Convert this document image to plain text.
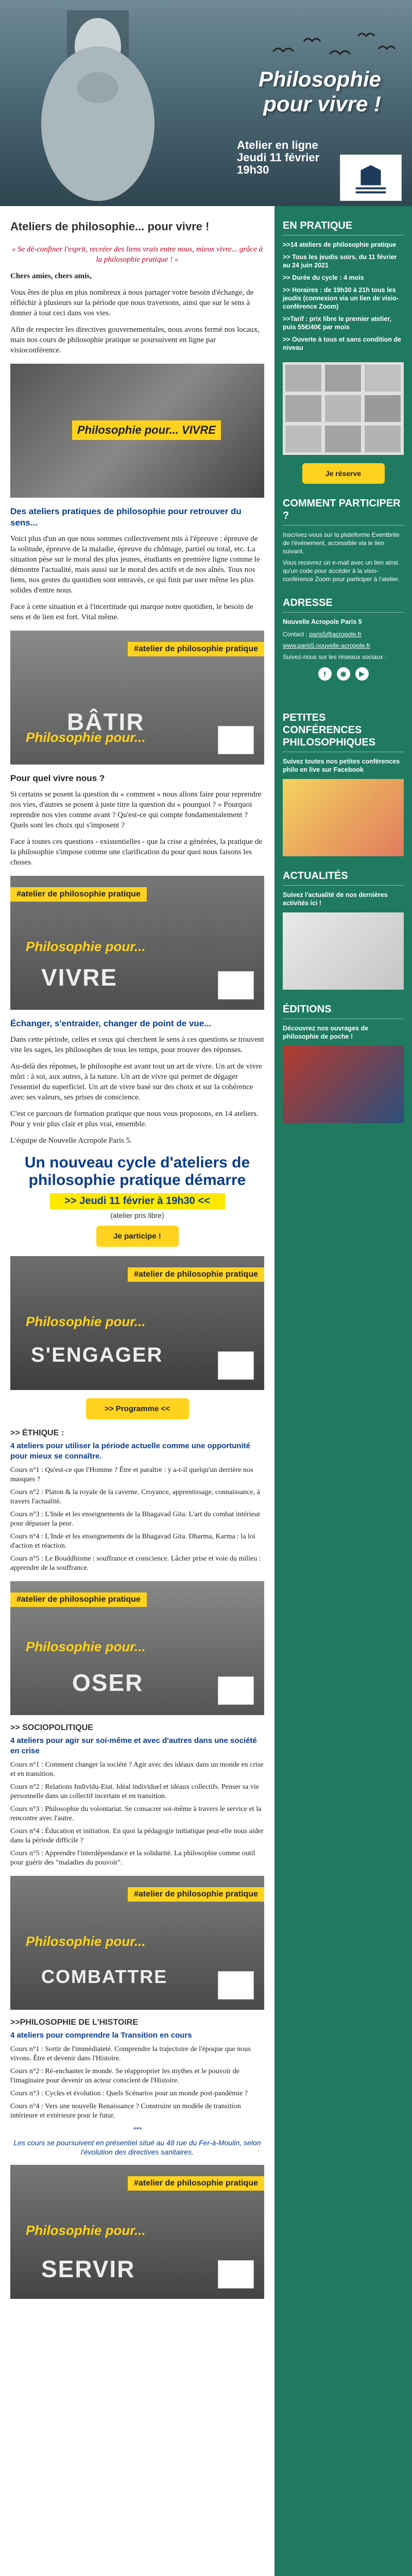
Philosophie pour vivre !
Atelier en ligne
Jeudi 11 février
19h30
Ateliers de philosophie... pour vivre !
« Se dé-confiner l'esprit, recréer des liens vrais entre nous, mieux vivre... grâce à la philosophie pratique ! »
Chers amies, chers amis,
Vous êtes de plus en plus nombreux à nous partager votre besoin d'échange, de réfléchir à plusieurs sur la période que nous traversons, ainsi que sur le sens à donner à tout ceci dans vos vies.
Afin de respecter les directives gouvernementales, nous avons fermé nos locaux, mais nos cours de philosophie pratique se poursuivent en ligne par visioconférence.
Philosophie pour... VIVRE
Des ateliers pratiques de philosophie pour retrouver du sens...
Voici plus d'un an que nous sommes collectivement mis à l'épreuve : épreuve de la solitude, épreuve de la maladie, épreuve du chômage, partiel ou total, etc. La situation pèse sur le moral des plus jeunes, étudiants en première ligne comme le démontre l'actualité, mais aussi sur le moral des actifs et de nos aînés. Tous nos liens, nos gestes du quotidien sont entravés, ce qui finit par user même les plus solides d'entre nous.
Face à cette situation et à l'incertitude qui marque notre quotidien, le besoin de sens et de lien est fort. Vital même.
#atelier de philosophie pratique
Philosophie pour...
BÂTIR
Pour quel vivre nous ?
Si certains se posent la question du « comment » nous allons faire pour reprendre nos vies, d'autres se posent à juste titre la question du « pourquoi ? » Pourquoi reprendre nos vies comme avant ? Qu'est-ce qui compte fondamentalement ? Quels sont les choix qui s'imposent ?
Face à toutes ces questions - existentielles - que la crise a générées, la pratique de la philosophie s'impose comme une clarification du pour quoi nous faisons les choses.
#atelier de philosophie pratique
Philosophie pour...
VIVRE
Échanger, s'entraider, changer de point de vue...
Dans cette période, celles et ceux qui cherchent le sens à ces questions se trouvent vite les sages, les philosophes de tous les temps, pour trouver des réponses.
Au-delà des réponses, le philosophe est avant tout un art de vivre. Un art de vivre mûri : à soi, aux autres, à la nature. Un art de vivre qui permet de dégager l'essentiel du superficiel. Un art de vivre basé sur des choix et sur la cohérence avec ses valeurs, ses prises de conscience.
C'est ce parcours de formation pratique que nous vous proposons, en 14 ateliers. Pour y voir plus clair et plus vrai, ensemble.
L'équipe de Nouvelle Acropole Paris 5.
Un nouveau cycle d'ateliers de philosophie pratique démarre
>> Jeudi 11 février à 19h30 <<
(atelier pris libre)
Je participe !
#atelier de philosophie pratique
Philosophie pour...
S'ENGAGER
>> Programme <<
>> ÉTHIQUE :
4 ateliers pour utiliser la période actuelle comme une opportunité pour mieux se connaître.
Cours n°1 : Qu'est-ce que l'Homme ? Être et paraître : y a-t-il quelqu'un derrière nos masques ?
Cours n°2 : Platon & la royale de la caverne. Croyance, apprentissage, connaissance, à travers l'actualité.
Cours n°3 : L'Inde et les enseignements de la Bhagavad Gita. L'art du combat intérieur pour dépasser la peur.
Cours n°4 : L'Inde et les enseignements de la Bhagavad Gita. Dharma, Karma : la loi d'action et réaction.
Cours n°5 : Le Bouddhisme : souffrance et conscience. Lâcher prise et voie du milieu : apprendre de la souffrance.
#atelier de philosophie pratique
Philosophie pour...
OSER
>> SOCIOPOLITIQUE
4 ateliers pour agir sur soi-même et avec d'autres dans une société en crise
Cours n°1 : Comment changer la société ? Agir avec des idéaux dans un monde en crise et en transition.
Cours n°2 : Relations Individu-Etat. Idéal individuel et idéaux collectifs. Penser sa vie personnelle dans un collectif incertain et en transition.
Cours n°3 : Philosophie du volontariat. Se consacrer soi-même à travers le service et la rencontre avec l'autre.
Cours n°4 : Éducation et initiation. En quoi la pédagogie initiatique peut-elle nous aider dans la période difficile ?
Cours n°5 : Apprendre l'interdépendance et la solidarité. La philosophie comme outil pour guérir des "maladies du pouvoir".
#atelier de philosophie pratique
Philosophie pour...
COMBATTRE
>>PHILOSOPHIE DE L'HISTOIRE
4 ateliers pour comprendre la Transition en cours
Cours n°1 : Sortir de l'immédiateté. Comprendre la trajectoire de l'époque que nous vivons. Être et devenir dans l'Histoire.
Cours n°2 : Ré-enchanter le monde. Se réapproprier les mythes et le pouvoir de l'imaginaire pour devenir un acteur conscient de l'Histoire.
Cours n°3 : Cycles et évolution : Quels Scénarios pour un monde post-pandémie ?
Cours n°4 : Vers une nouvelle Renaissance ? Construire un modèle de transition intérieure et extérieure pour le futur.
***
Les cours se poursuivent en présentiel situé au 48 rue du Fer-à-Moulin, selon l'évolution des directives sanitaires.
#atelier de philosophie pratique
Philosophie pour...
SERVIR
EN PRATIQUE
>>14 ateliers de philosophie pratique
>> Tous les jeudis soirs, du 11 février au 24 juin 2021
>> Durée du cycle : 4 mois
>> Horaires : de 19h30 à 21h tous les jeudis (connexion via un lien de visio-conférence Zoom)
>>Tarif : prix libre le premier atelier, puis 55€/40€ par mois
>> Ouverte à tous et sans condition de niveau
Je réserve
COMMENT PARTICIPER ?
Inscrivez-vous sur la plateforme Eventbrite de l'événement, accessible via le lien suivant.
Vous recevrez un e-mail avec un lien ainsi qu'un code pour accéder à la visio-conférence Zoom pour participer à l'atelier.
ADRESSE
Nouvelle Acropole Paris 5
Contact : paris5@acropole.fr
www.paris5.nouvelle-acropole.fr
Suivez-nous sur les réseaux sociaux :
f	◉	▶
PETITES CONFÉRENCES PHILOSOPHIQUES
Suivez toutes nos petites conférences philo en live sur Facebook
ACTUALITÉS
Suivez l'actualité de nos dernières activités ici !
ÉDITIONS
Découvrez nos ouvrages de philosophie de poche !
